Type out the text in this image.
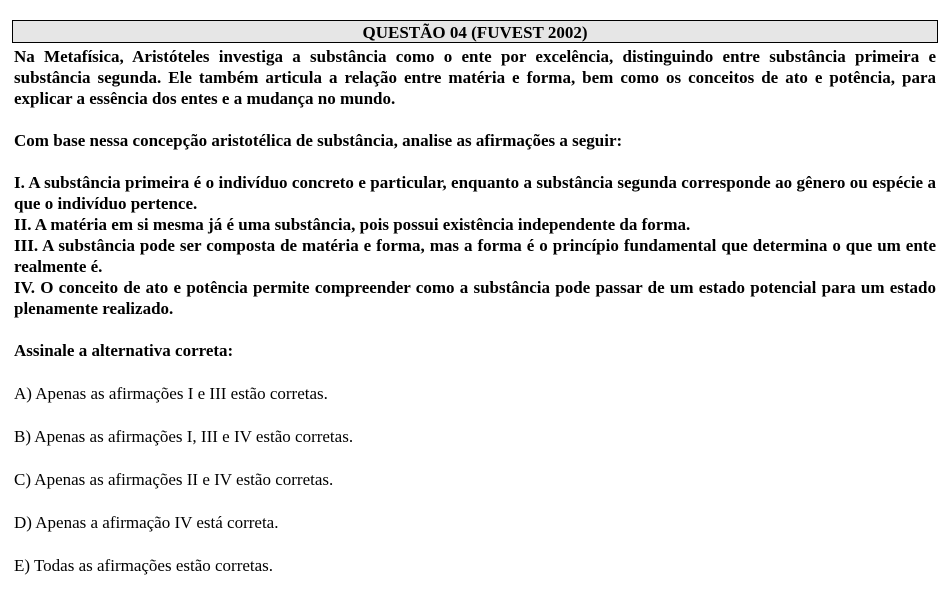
QUESTÃO 04 (FUVEST 2002)
Na Metafísica, Aristóteles investiga a substância como o ente por excelência, distinguindo entre substância primeira e substância segunda. Ele também articula a relação entre matéria e forma, bem como os conceitos de ato e potência, para explicar a essência dos entes e a mudança no mundo.
Com base nessa concepção aristotélica de substância, analise as afirmações a seguir:
I. A substância primeira é o indivíduo concreto e particular, enquanto a substância segunda corresponde ao gênero ou espécie a que o indivíduo pertence.
II. A matéria em si mesma já é uma substância, pois possui existência independente da forma.
III. A substância pode ser composta de matéria e forma, mas a forma é o princípio fundamental que determina o que um ente realmente é.
IV. O conceito de ato e potência permite compreender como a substância pode passar de um estado potencial para um estado plenamente realizado.
Assinale a alternativa correta:
A) Apenas as afirmações I e III estão corretas.
B) Apenas as afirmações I, III e IV estão corretas.
C) Apenas as afirmações II e IV estão corretas.
D) Apenas a afirmação IV está correta.
E) Todas as afirmações estão corretas.
